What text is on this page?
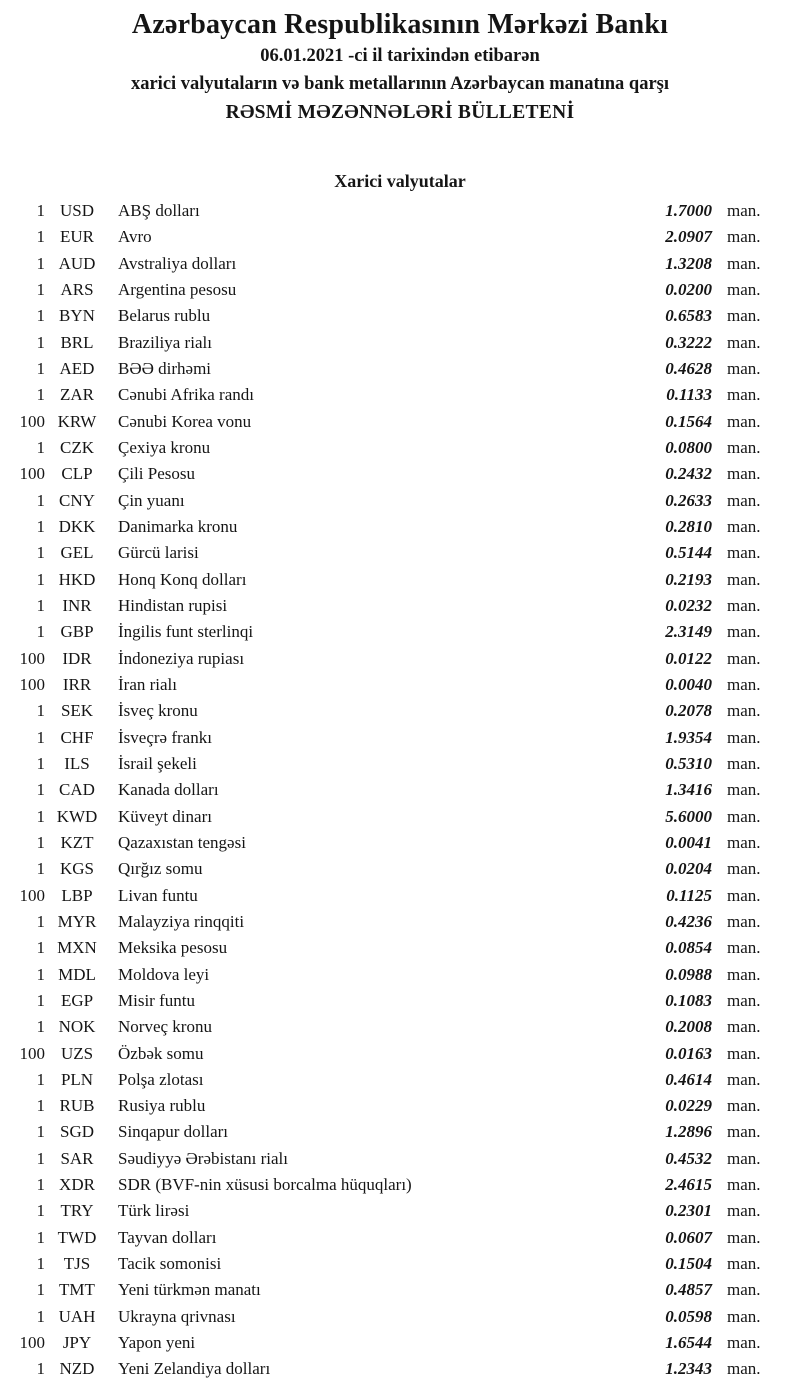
Azərbaycan Respublikasının Mərkəzi Bankı
06.01.2021 -ci il tarixindən etibarən
xarici valyutaların və bank metallarının Azərbaycan manatına qarşı
RƏSMİ MƏZƏNNƏLƏRİ BÜLLETENİ
Xarici valyutalar
1 USD	ABŞ dolları	1.7000 man.
1 EUR	Avro	2.0907 man.
1 AUD	Avstraliya dolları	1.3208 man.
1 ARS	Argentina pesosu	0.0200 man.
1 BYN	Belarus rublu	0.6583 man.
1 BRL	Braziliya rialı	0.3222 man.
1 AED	BƏƏ dirhəmi	0.4628 man.
1 ZAR	Cənubi Afrika randı	0.1133 man.
100 KRW	Cənubi Korea vonu	0.1564 man.
1 CZK	Çexiya kronu	0.0800 man.
100 CLP	Çili Pesosu	0.2432 man.
1 CNY	Çin yuanı	0.2633 man.
1 DKK	Danimarka kronu	0.2810 man.
1 GEL	Gürcü larisi	0.5144 man.
1 HKD	Honq Konq dolları	0.2193 man.
1	INR	Hindistan rupisi	0.0232 man.
1 GBP	İngilis funt sterlinqi	2.3149 man.
100	IDR	İndoneziya rupiası	0.0122 man.
100	IRR	İran rialı	0.0040 man.
1 SEK	İsveç kronu	0.2078 man.
1 CHF	İsveçrə frankı	1.9354 man.
1	ILS	İsrail şekeli	0.5310 man.
1 CAD	Kanada dolları	1.3416 man.
1 KWD	Küveyt dinarı	5.6000 man.
1 KZT	Qazaxıstan tengəsi	0.0041 man.
1 KGS	Qırğız somu	0.0204 man.
100 LBP	Livan funtu	0.1125 man.
1 MYR	Malayziya rinqqiti	0.4236 man.
1 MXN	Meksika pesosu	0.0854 man.
1 MDL	Moldova leyi	0.0988 man.
1 EGP	Misir funtu	0.1083 man.
1 NOK	Norveç kronu	0.2008 man.
100 UZS	Özbək somu	0.0163 man.
1 PLN	Polşa zlotası	0.4614 man.
1 RUB	Rusiya rublu	0.0229 man.
1 SGD	Sinqapur dolları	1.2896 man.
1 SAR	Səudiyyə Ərəbistanı rialı	0.4532 man.
1 XDR	SDR (BVF-nin xüsusi borcalma hüquqları)	2.4615 man.
1 TRY	Türk lirəsi	0.2301 man.
1 TWD	Tayvan dolları	0.0607 man.
1	TJS	Tacik somonisi	0.1504 man.
1 TMT	Yeni türkmən manatı	0.4857 man.
1 UAH	Ukrayna qrivnası	0.0598 man.
100	JPY	Yapon yeni	1.6544 man.
1 NZD	Yeni Zelandiya dolları	1.2343 man.
